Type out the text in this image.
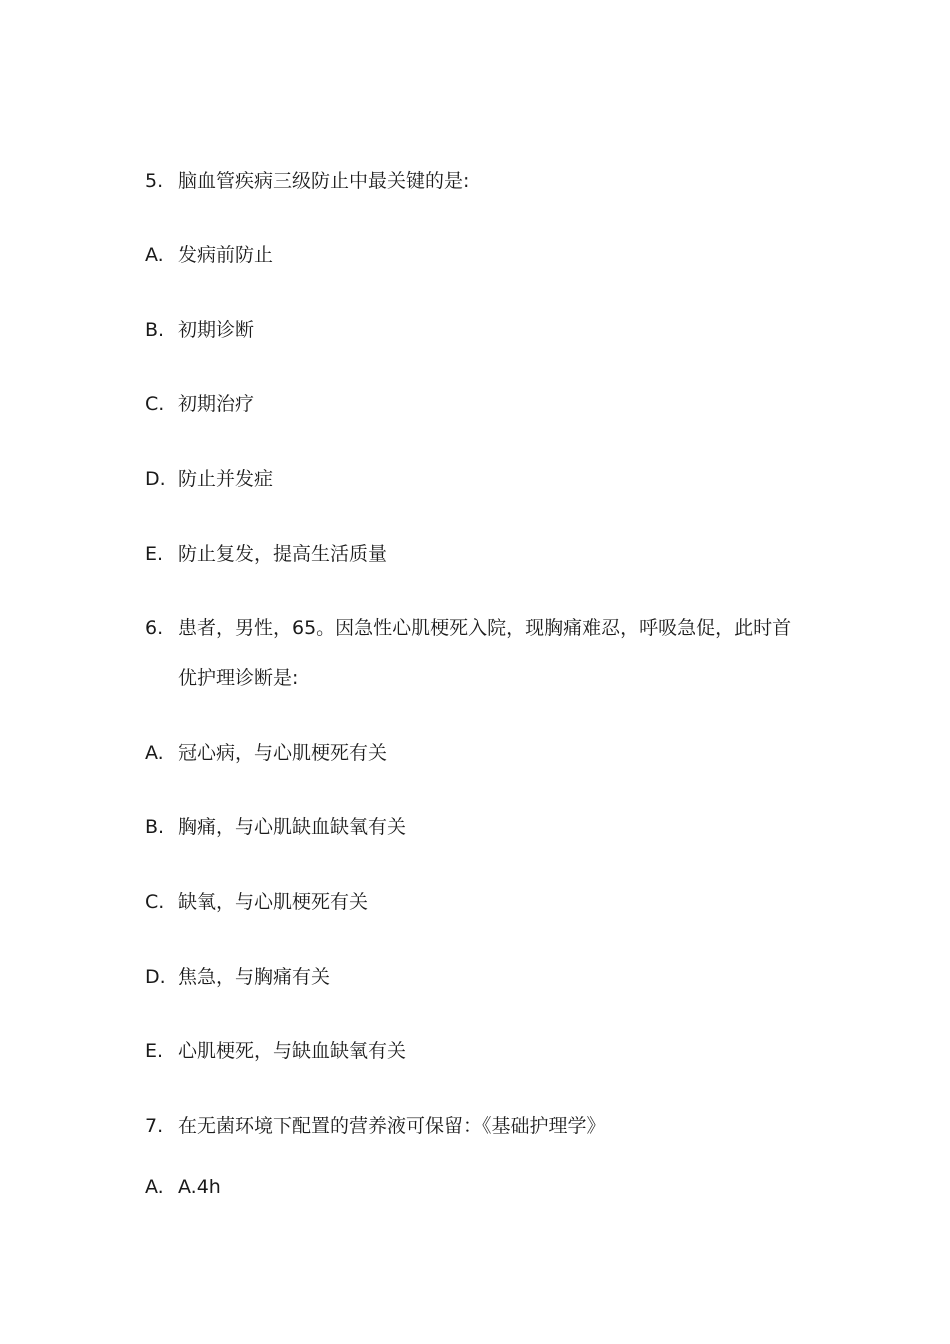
5. 脑血管疾病三级防止中最关键的是:
A. 发病前防止
B. 初期诊断
C. 初期治疗
D. 防止并发症
E. 防止复发，提高生活质量
6. 患者，男性，65。因急性心肌梗死入院，现胸痛难忍，呼吸急促，此时首
优护理诊断是:
A. 冠心病，与心肌梗死有关
B. 胸痛，与心肌缺血缺氧有关
C. 缺氧，与心肌梗死有关
D. 焦急，与胸痛有关
E. 心肌梗死，与缺血缺氧有关
7. 在无菌环境下配置的营养液可保留：《基础护理学》
A. A.4h
